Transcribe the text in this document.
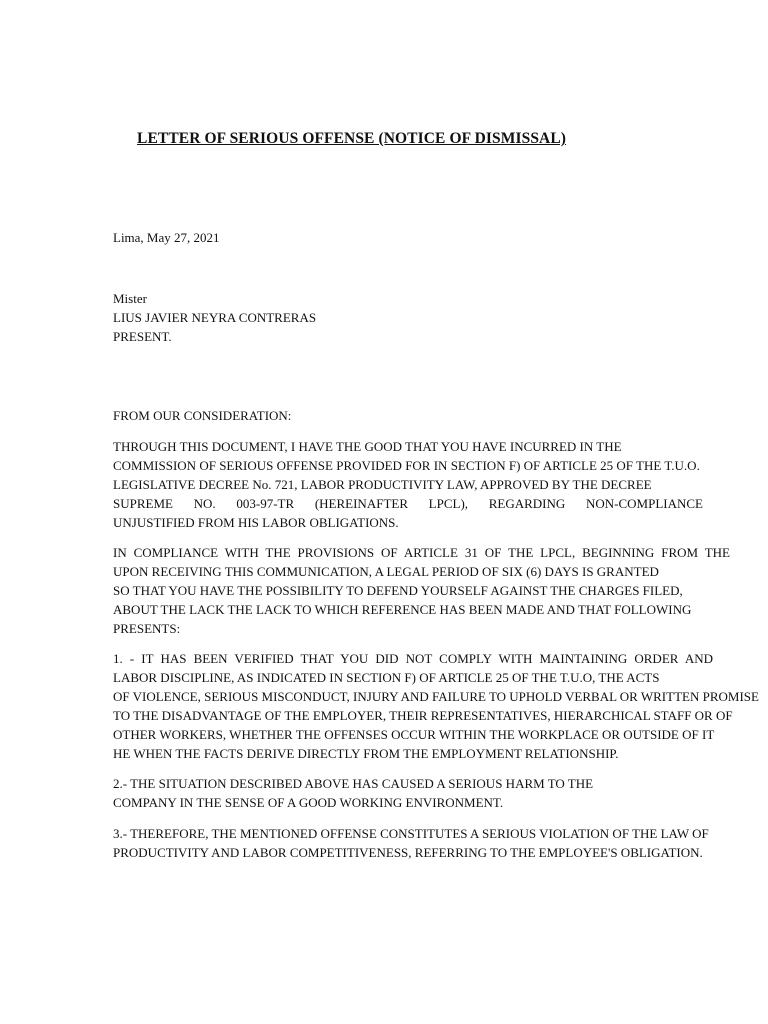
LETTER OF SERIOUS OFFENSE (NOTICE OF DISMISSAL)
Lima, May 27, 2021
Mister
LIUS JAVIER NEYRA CONTRERAS
PRESENT.
FROM OUR CONSIDERATION:
THROUGH THIS DOCUMENT, I HAVE THE GOOD THAT YOU HAVE INCURRED IN THE
COMMISSION OF SERIOUS OFFENSE PROVIDED FOR IN SECTION F) OF ARTICLE 25 OF THE T.U.O.
LEGISLATIVE DECREE No. 721, LABOR PRODUCTIVITY LAW, APPROVED BY THE DECREE
SUPREME NO. 003-97-TR (HEREINAFTER LPCL), REGARDING NON-COMPLIANCE
UNJUSTIFIED FROM HIS LABOR OBLIGATIONS.
IN COMPLIANCE WITH THE PROVISIONS OF ARTICLE 31 OF THE LPCL, BEGINNING FROM THE
UPON RECEIVING THIS COMMUNICATION, A LEGAL PERIOD OF SIX (6) DAYS IS GRANTED
SO THAT YOU HAVE THE POSSIBILITY TO DEFEND YOURSELF AGAINST THE CHARGES FILED,
ABOUT THE LACK THE LACK TO WHICH REFERENCE HAS BEEN MADE AND THAT FOLLOWING
PRESENTS:
1. - IT HAS BEEN VERIFIED THAT YOU DID NOT COMPLY WITH MAINTAINING ORDER AND
LABOR DISCIPLINE, AS INDICATED IN SECTION F) OF ARTICLE 25 OF THE T.U.O, THE ACTS
OF VIOLENCE, SERIOUS MISCONDUCT, INJURY AND FAILURE TO UPHOLD VERBAL OR WRITTEN PROMISE
TO THE DISADVANTAGE OF THE EMPLOYER, THEIR REPRESENTATIVES, HIERARCHICAL STAFF OR OF
OTHER WORKERS, WHETHER THE OFFENSES OCCUR WITHIN THE WORKPLACE OR OUTSIDE OF IT
HE WHEN THE FACTS DERIVE DIRECTLY FROM THE EMPLOYMENT RELATIONSHIP.
2.- THE SITUATION DESCRIBED ABOVE HAS CAUSED A SERIOUS HARM TO THE
COMPANY IN THE SENSE OF A GOOD WORKING ENVIRONMENT.
3.- THEREFORE, THE MENTIONED OFFENSE CONSTITUTES A SERIOUS VIOLATION OF THE LAW OF
PRODUCTIVITY AND LABOR COMPETITIVENESS, REFERRING TO THE EMPLOYEE'S OBLIGATION.
